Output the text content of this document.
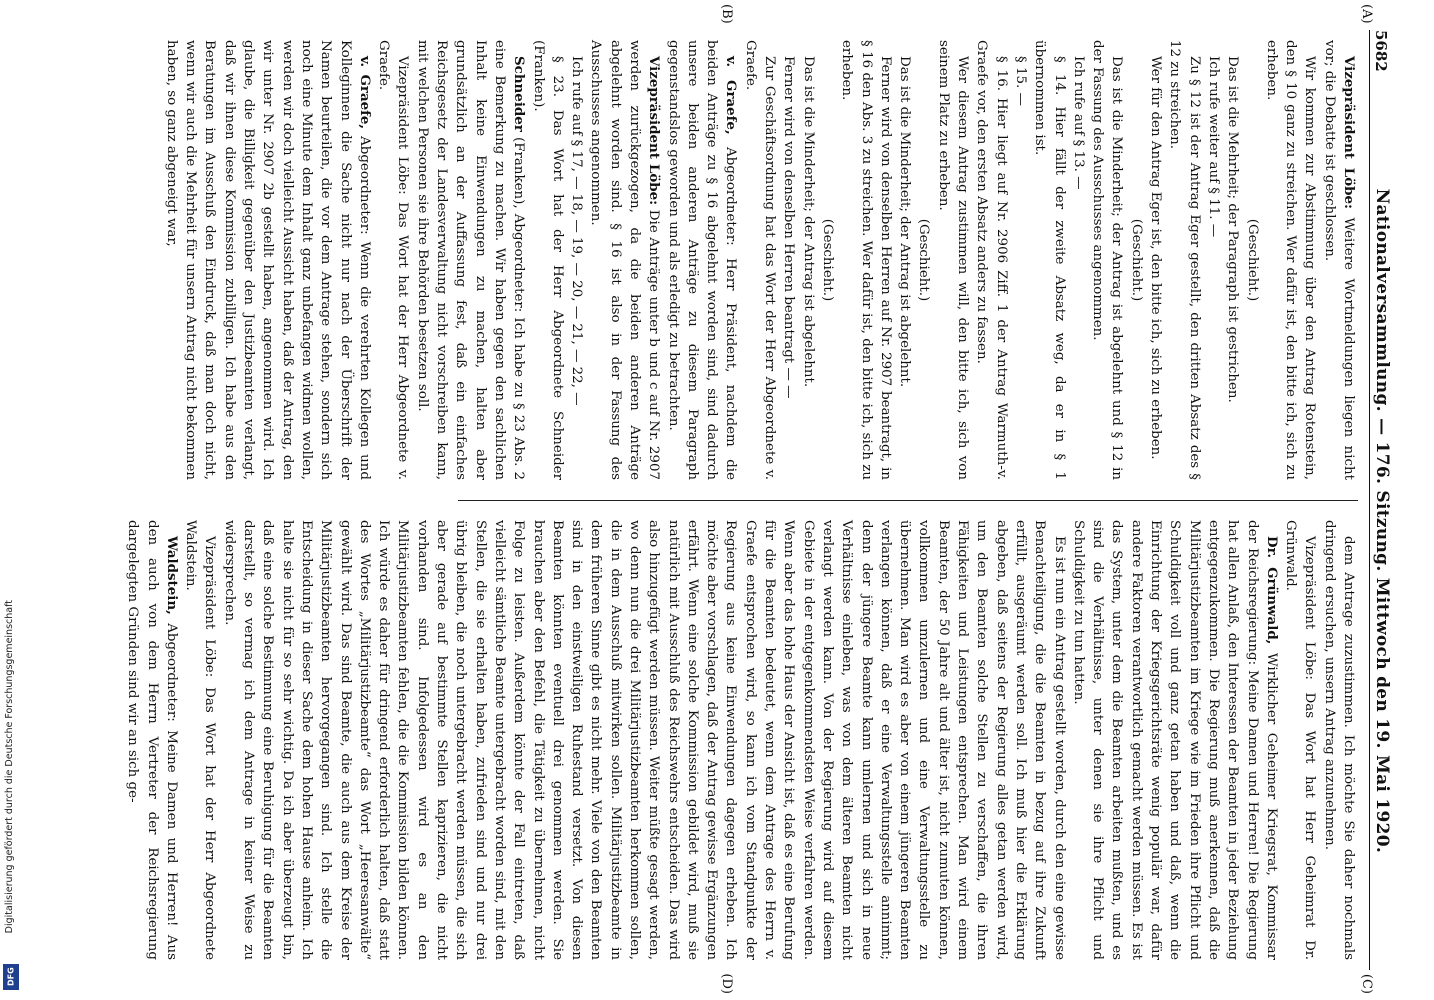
Digitalisierung gefördert durch die Deutsche Forschungsgemeinschaft
DFG
5682
Nationalversammlung. — 176. Sitzung. Mittwoch den 19. Mai 1920.
(A)
(B)
(C)
(D)

Vizepräsident Löbe: Weitere Wortmeldungen liegen nicht vor; die Debatte ist geschlossen.

Wir kommen zur Abstimmung über den Antrag Rotenstein, den § 10 ganz zu streichen. Wer dafür ist, den bitte ich, sich zu erheben.

(Geschieht.)

Das ist die Mehrheit; der Paragraph ist gestrichen.

Ich rufe weiter auf § 11. —

Zu § 12 ist der Antrag Eger gestellt, den dritten Absatz des § 12 zu streichen.

Wer für den Antrag Eger ist, den bitte ich, sich zu erheben.

(Geschieht.)

Das ist die Minderheit; der Antrag ist abgelehnt und § 12 in der Fassung des Ausschusses angenommen.

Ich rufe auf § 13. —

§ 14. Hier fällt der zweite Absatz weg, da er in § 1 übernommen ist.

§ 15. —

§ 16. Hier liegt auf Nr. 2906 Ziff. 1 der Antrag Warmuth-v. Graefe vor, den ersten Absatz anders zu fassen.

Wer diesem Antrag zustimmen will, den bitte ich, sich von seinem Platz zu erheben.

(Geschieht.)

Das ist die Minderheit; der Antrag ist abgelehnt.

Ferner wird von denselben Herren auf Nr. 2907 beantragt, in § 16 den Abs. 3 zu streichen. Wer dafür ist, den bitte ich, sich zu erheben.

(Geschieht.)

Das ist die Minderheit; der Antrag ist abgelehnt.

Ferner wird von denselben Herren beantragt — —

Zur Geschäftsordnung hat das Wort der Herr Abgeordnete v. Graefe.

v. Graefe, Abgeordneter: Herr Präsident, nachdem die beiden Anträge zu § 16 abgelehnt worden sind, sind dadurch unsere beiden anderen Anträge zu diesem Paragraph gegenstandslos geworden und als erledigt zu betrachten.

Vizepräsident Löbe: Die Anträge unter b und c auf Nr. 2907 werden zurückgezogen, da die beiden anderen Anträge abgelehnt worden sind. § 16 ist also in der Fassung des Ausschusses angenommen.

Ich rufe auf § 17, — 18, — 19, — 20, — 21, — 22, —

§ 23. Das Wort hat der Herr Abgeordnete Schneider (Franken).

Schneider (Franken), Abgeordneter: Ich habe zu § 23 Abs. 2 eine Bemerkung zu machen. Wir haben gegen den sachlichen Inhalt keine Einwendungen zu machen, halten aber grundsätzlich an der Auffassung fest, daß ein einfaches Reichsgesetz der Landesverwaltung nicht vorschreiben kann, mit welchen Personen sie ihre Behörden besetzen soll.

Vizepräsident Löbe: Das Wort hat der Herr Abgeordnete v. Graefe.

v. Graefe, Abgeordneter: Wenn die verehrten Kollegen und Kolleginnen die Sache nicht nur nach der Überschrift der Namen beurteilen, die vor dem Antrage stehen, sondern sich noch eine Minute dem Inhalt ganz unbefangen widmen wollen, werden wir doch vielleicht Aussicht haben, daß der Antrag, den wir unter Nr. 2907 2b gestellt haben, angenommen wird. Ich glaube, die Billigkeit gegenüber den Justizbeamten verlangt, daß wir ihnen diese Kommission zubilligen. Ich habe aus den Beratungen im Ausschuß den Eindruck, daß man doch nicht, wenn wir auch die Mehrheit für unsern Antrag nicht bekommen haben, so ganz abgeneigt war,

dem Antrage zuzustimmen. Ich möchte Sie daher nochmals dringend ersuchen, unsern Antrag anzunehmen.

Vizepräsident Löbe: Das Wort hat Herr Geheimrat Dr. Grünwald.

Dr. Grünwald, Wirklicher Geheimer Kriegsrat, Kommissar der Reichsregierung: Meine Damen und Herren! Die Regierung hat allen Anlaß, den Interessen der Beamten in jeder Beziehung entgegenzukommen. Die Regierung muß anerkennen, daß die Militärjustizbeamten im Kriege wie im Frieden ihre Pflicht und Schuldigkeit voll und ganz getan haben und daß, wenn die Einrichtung der Kriegsgerichtsräte wenig populär war, dafür andere Faktoren verantwortlich gemacht werden müssen. Es ist das System, unter dem die Beamten arbeiten mußten, und es sind die Verhältnisse, unter denen sie ihre Pflicht und Schuldigkeit zu tun hatten.

Es ist nun ein Antrag gestellt worden, durch den eine gewisse Benachteiligung, die die Beamten in bezug auf ihre Zukunft erfüllt, ausgeräumt werden soll. Ich muß hier die Erklärung abgeben, daß seitens der Regierung alles getan werden wird, um den Beamten solche Stellen zu verschaffen, die ihren Fähigkeiten und Leistungen entsprechen. Man wird einem Beamten, der 50 Jahre alt und älter ist, nicht zumuten können, vollkommen umzulernen und eine Verwaltungsstelle zu übernehmen. Man wird es aber von einem jüngeren Beamten verlangen können, daß er eine Verwaltungsstelle annimmt; denn der jüngere Beamte kann umlernen und sich in neue Verhältnisse einleben, was von dem älteren Beamten nicht verlangt werden kann. Von der Regierung wird auf diesem Gebiete in der entgegenkommendsten Weise verfahren werden. Wenn aber das hohe Haus der Ansicht ist, daß es eine Berufung für die Beamten bedeutet, wenn dem Antrage des Herrn v. Graefe entsprochen wird, so kann ich vom Standpunkte der Regierung aus keine Einwendungen dagegen erheben. Ich möchte aber vorschlagen, daß der Antrag gewisse Ergänzungen erfährt. Wenn eine solche Kommission gebildet wird, muß sie natürlich mit Ausschluß des Reichswehrs entscheiden. Das wird also hinzugefügt werden müssen. Weiter müßte gesagt werden, wo denn nun die drei Militärjustizbeamten herkommen sollen, die in dem Ausschuß mitwirken sollen. Militärjustizbeamte in dem früheren Sinne gibt es nicht mehr. Viele von den Beamten sind in den einstweiligen Ruhestand versetzt. Von diesen Beamten könnten eventuell drei genommen werden. Sie brauchen aber den Befehl, die Tätigkeit zu übernehmen, nicht Folge zu leisten. Außerdem könnte der Fall eintreten, daß vielleicht sämtliche Beamte untergebracht worden sind, mit den Stellen, die sie erhalten haben, zufrieden sind und nur drei übrig bleiben, die noch untergebracht werden müssen, die sich aber gerade auf bestimmte Stellen kaprizieren, die nicht vorhanden sind. Infolgedessen wird es an den Militärjustizbeamten fehlen, die die Kommission bilden können. Ich würde es daher für dringend erforderlich halten, daß statt des Wortes „Militärjustizbeamte“ das Wort „Heeresanwälte“ gewählt wird. Das sind Beamte, die auch aus dem Kreise der Militärjustizbeamten hervorgegangen sind. Ich stelle die Entscheidung in dieser Sache dem hohen Hause anheim. Ich halte sie nicht für so sehr wichtig. Da ich aber überzeugt bin, daß eine solche Bestimmung eine Beruhigung für die Beamten darstellt, so vermag ich dem Antrage in keiner Weise zu widersprechen.

Vizepräsident Löbe: Das Wort hat der Herr Abgeordnete Waldstein.

Waldstein, Abgeordneter: Meine Damen und Herren! Aus den auch von dem Herrn Vertreter der Reichsregierung dargelegten Gründen sind wir an sich ge-
